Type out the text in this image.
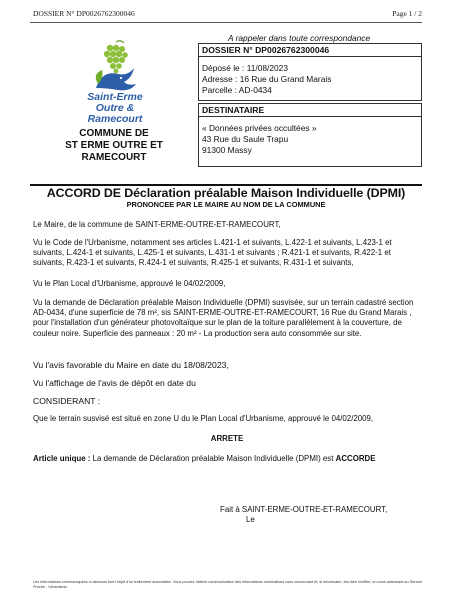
DOSSIER N° DP0026762300046	Page 1 / 2
Saint-Erme
Outre & Ramecourt
COMMUNE DE
ST ERME OUTRE ET
RAMECOURT
A rappeler dans toute correspondance
DOSSIER N° DP0026762300046
Déposé le : 11/08/2023
Adresse : 16 Rue du Grand Marais
Parcelle : AD-0434
DESTINATAIRE
« Données privées occultées »
43 Rue du Saule Trapu
91300 Massy
ACCORD DE Déclaration préalable Maison Individuelle (DPMI)
PRONONCEE PAR LE MAIRE AU NOM DE LA COMMUNE
Le Maire, de la commune de SAINT-ERME-OUTRE-ET-RAMECOURT,
Vu le Code de l'Urbanisme, notamment ses articles L.421-1 et suivants, L.422-1 et suivants, L.423-1 et suivants, L.424-1 et suivants, L.425-1 et suivants, L.431-1 et suivants ; R.421-1 et suivants, R.422-1 et suivants, R.423-1 et suivants, R.424-1 et suivants, R.425-1 et suivants, R.431-1 et suivants,
Vu le Plan Local d'Urbanisme, approuvé le 04/02/2009,
Vu la demande de Déclaration préalable Maison Individuelle (DPMI) susvisée, sur un terrain cadastré section AD-0434, d'une superficie de 78 m², sis SAINT-ERME-OUTRE-ET-RAMECOURT, 16 Rue du Grand Marais , pour l'installation d'un générateur photovoltaïque sur le plan de la toiture parallèlement à la couverture, de couleur noire. Superficie des panneaux : 20 m² - La production sera auto consommée sur site.
Vu l'avis favorable du Maire en date du 18/08/2023,
Vu l'affichage de l'avis de dépôt en date du
CONSIDERANT :
Que le terrain susvisé est situé en zone U du le Plan Local d'Urbanisme, approuvé le 04/02/2009,
ARRETE
Article unique : La demande de Déclaration préalable Maison Individuelle (DPMI) est ACCORDE
Fait à SAINT-ERME-OUTRE-ET-RAMECOURT,
Le
Les informations communiquées ci-dessous font l'objet d'un traitement automatisé. Vous pouvez obtenir communication des informations nominatives vous concernant et, si nécessaire, les faire rectifier, en vous adressant au Service Proche - Urbanisme.
